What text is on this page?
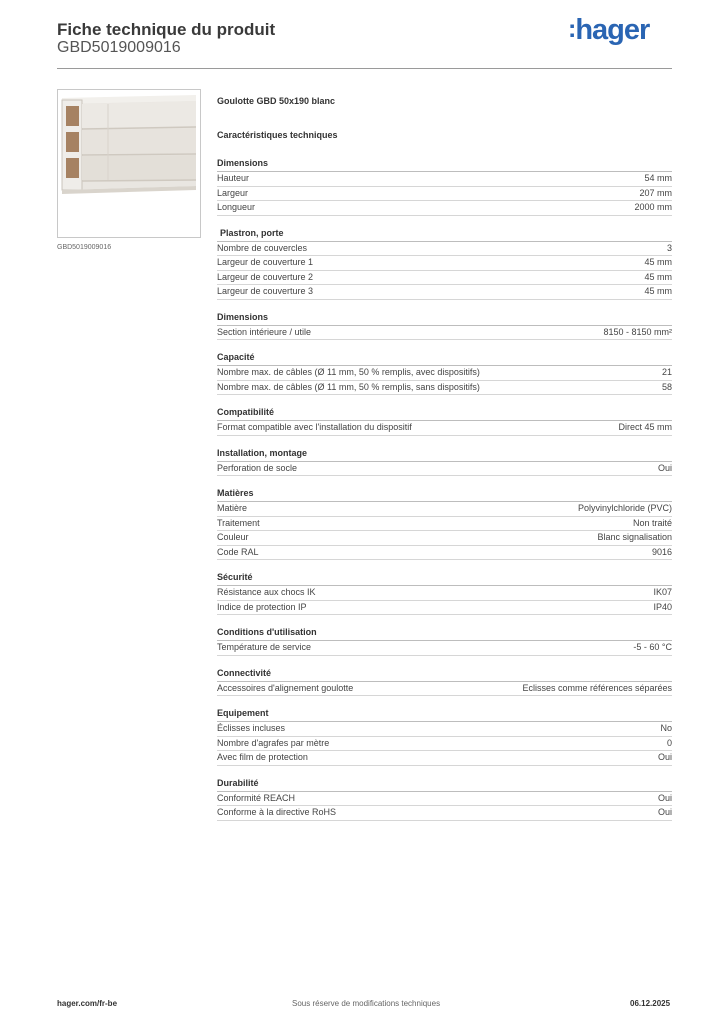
Fiche technique du produit
GBD5019009016
:hager
GBD5019009016
Goulotte GBD 50x190 blanc
Caractéristiques techniques
Dimensions
Hauteur	54 mm
Largeur	207 mm
Longueur	2000 mm
Plastron, porte
Nombre de couvercles	3
Largeur de couverture 1	45 mm
Largeur de couverture 2	45 mm
Largeur de couverture 3	45 mm
Dimensions
Section intérieure / utile	8150 - 8150 mm²
Capacité
Nombre max. de câbles (Ø 11 mm, 50 % remplis, avec dispositifs)	21
Nombre max. de câbles (Ø 11 mm, 50 % remplis, sans dispositifs)	58
Compatibilité
Format compatible avec l'installation du dispositif	Direct 45 mm
Installation, montage
Perforation de socle	Oui
Matières
Matière	Polyvinylchloride (PVC)
Traitement	Non traité
Couleur	Blanc signalisation
Code RAL	9016
Sécurité
Résistance aux chocs IK	IK07
Indice de protection IP	IP40
Conditions d'utilisation
Température de service	-5 - 60 °C
Connectivité
Accessoires d'alignement goulotte	Eclisses comme références séparées
Equipement
Éclisses incluses	No
Nombre d'agrafes par mètre	0
Avec film de protection	Oui
Durabilité
Conformité REACH	Oui
Conforme à la directive RoHS	Oui
hager.com/fr-be	Sous réserve de modifications techniques	06.12.2025
